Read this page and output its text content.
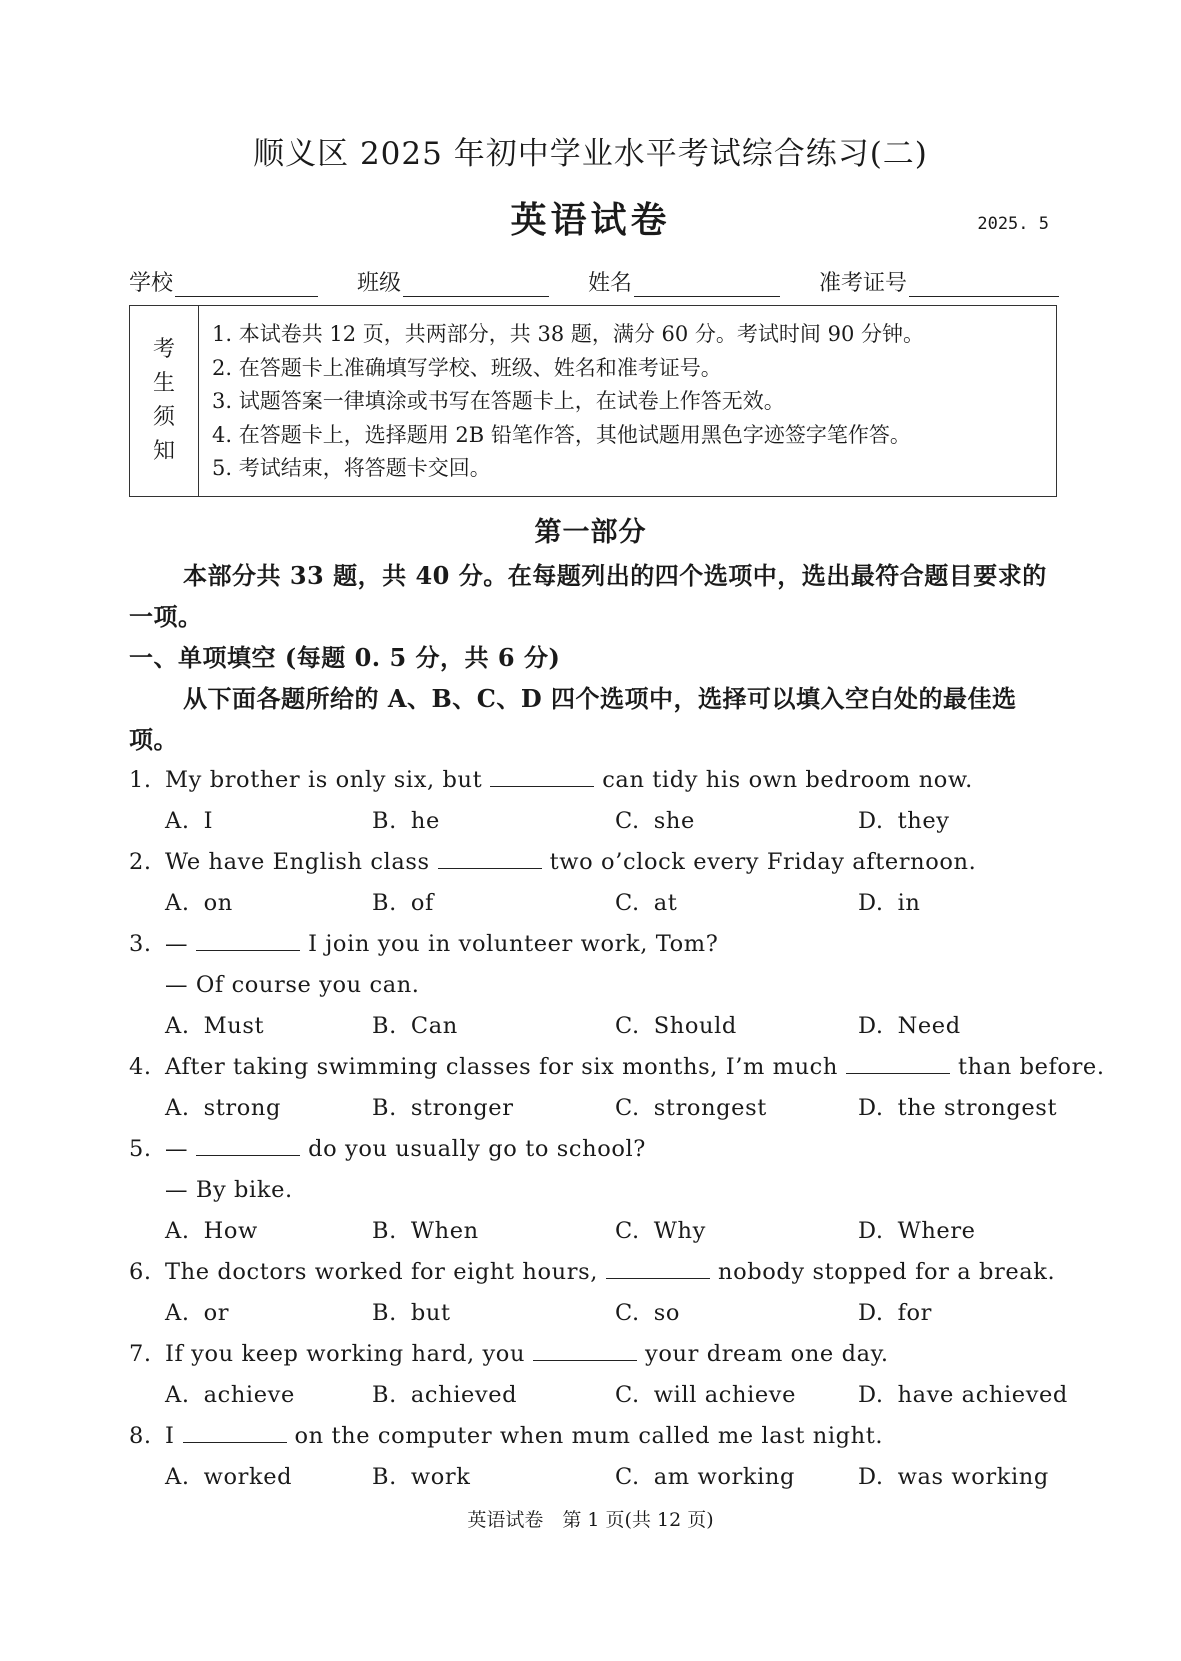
顺义区 2025 年初中学业水平考试综合练习(二)
英语试卷	2025. 5
学校	班级	姓名	准考证号
考
生
须
知
1. 本试卷共 12 页，共两部分，共 38 题，满分 60 分。考试时间 90 分钟。
2. 在答题卡上准确填写学校、班级、姓名和准考证号。
3. 试题答案一律填涂或书写在答题卡上，在试卷上作答无效。
4. 在答题卡上，选择题用 2B 铅笔作答，其他试题用黑色字迹签字笔作答。
5. 考试结束，将答题卡交回。
第一部分
本部分共 33 题，共 40 分。在每题列出的四个选项中，选出最符合题目要求的一项。
一、单项填空 (每题 0. 5 分，共 6 分)
从下面各题所给的 A、B、C、D 四个选项中，选择可以填入空白处的最佳选项。
1. My brother is only six, but	can tidy his own bedroom now.
A. I	B. he	C. she	D. they
2. We have English class	two o’clock every Friday afternoon.
A. on	B. of	C. at	D. in
3. —	I join you in volunteer work, Tom?
— Of course you can.
A. Must	B. Can	C. Should	D. Need
4. After taking swimming classes for six months, I’m much	than before.
A. strong	B. stronger	C. strongest	D. the strongest
5. —	do you usually go to school?
— By bike.
A. How	B. When	C. Why	D. Where
6. The doctors worked for eight hours,	nobody stopped for a break.
A. or	B. but	C. so	D. for
7. If you keep working hard, you	your dream one day.
A. achieve	B. achieved	C. will achieve	D. have achieved
8. I	on the computer when mum called me last night.
A. worked	B. work	C. am working	D. was working
英语试卷　第 1 页(共 12 页)
